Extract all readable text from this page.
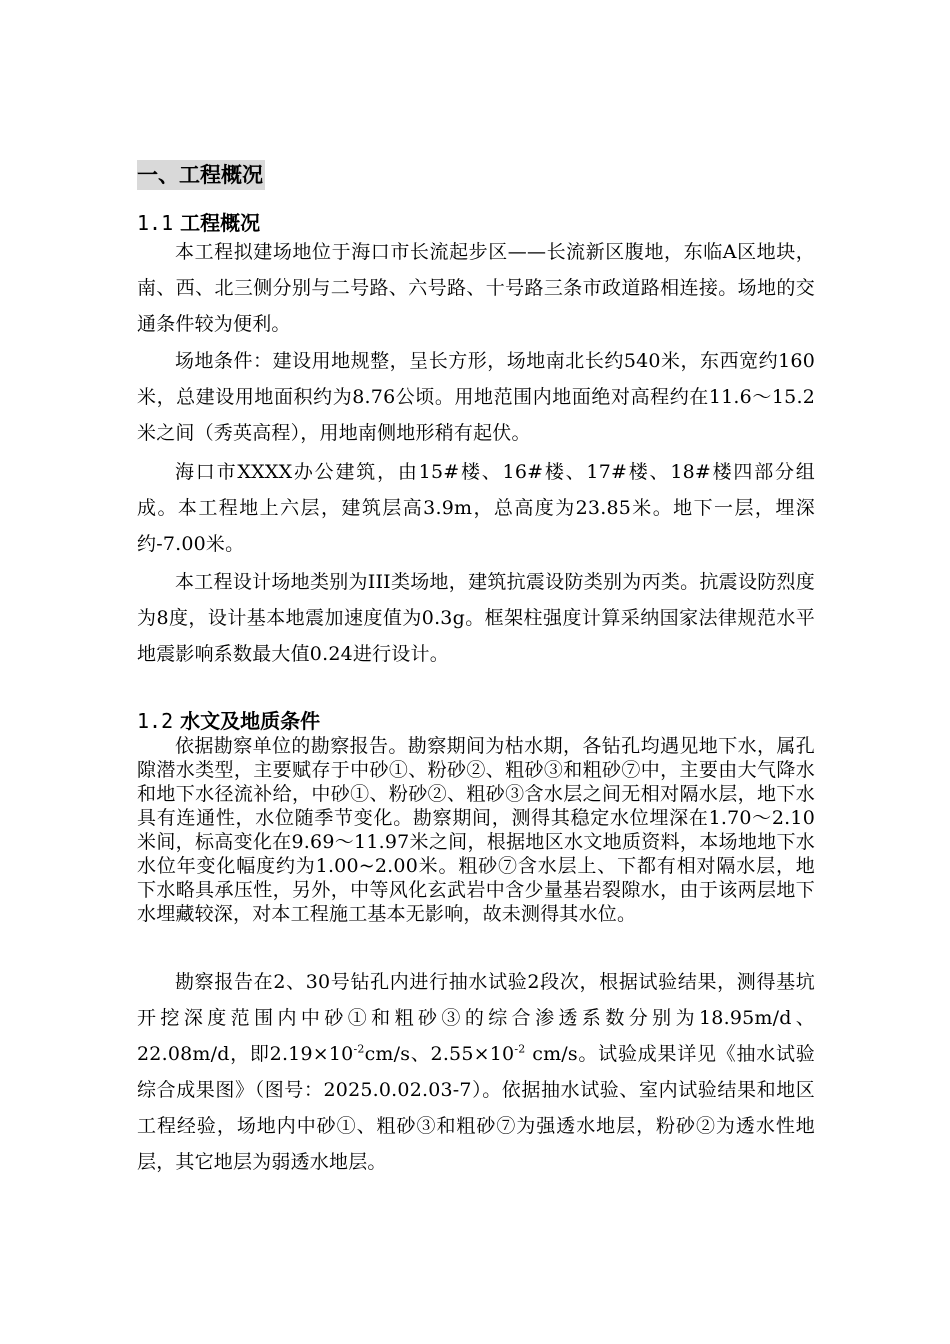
一、工程概况
1.1 工程概况

本工程拟建场地位于海口市长流起步区——长流新区腹地，东临A区地块，南、西、北三侧分别与二号路、六号路、十号路三条市政道路相连接。场地的交通条件较为便利。

场地条件：建设用地规整，呈长方形，场地南北长约540米，东西宽约160米，总建设用地面积约为8.76公顷。用地范围内地面绝对高程约在11.6～15.2米之间（秀英高程），用地南侧地形稍有起伏。

海口市XXXX办公建筑，由15#楼、16#楼、17#楼、18#楼四部分组成。本工程地上六层，建筑层高3.9m，总高度为23.85米。地下一层，埋深约-7.00米。

本工程设计场地类别为III类场地，建筑抗震设防类别为丙类。抗震设防烈度为8度，设计基本地震加速度值为0.3g。框架柱强度计算采纳国家法律规范水平地震影响系数最大值0.24进行设计。

1.2 水文及地质条件

依据勘察单位的勘察报告。勘察期间为枯水期，各钻孔均遇见地下水，属孔隙潜水类型，主要赋存于中砂①、粉砂②、粗砂③和粗砂⑦中，主要由大气降水和地下水径流补给，中砂①、粉砂②、粗砂③含水层之间无相对隔水层，地下水具有连通性，水位随季节变化。勘察期间，测得其稳定水位埋深在1.70～2.10米间，标高变化在9.69～11.97米之间，根据地区水文地质资料，本场地地下水水位年变化幅度约为1.00~2.00米。粗砂⑦含水层上、下都有相对隔水层，地下水略具承压性，另外，中等风化玄武岩中含少量基岩裂隙水，由于该两层地下水埋藏较深，对本工程施工基本无影响，故未测得其水位。

勘察报告在2、30号钻孔内进行抽水试验2段次，根据试验结果，测得基坑开挖深度范围内中砂①和粗砂③的综合渗透系数分别为18.95m/d、22.08m/d，即$2.19\times 10^{-2}cm/s$、$2.55\times 10^{-2}$ cm/s。试验成果详见《抽水试验综合成果图》（图号：2025.0.02.03-7）。依据抽水试验、室内试验结果和地区工程经验，场地内中砂①、粗砂③和粗砂⑦为强透水地层，粉砂②为透水性地层，其它地层为弱透水地层。
